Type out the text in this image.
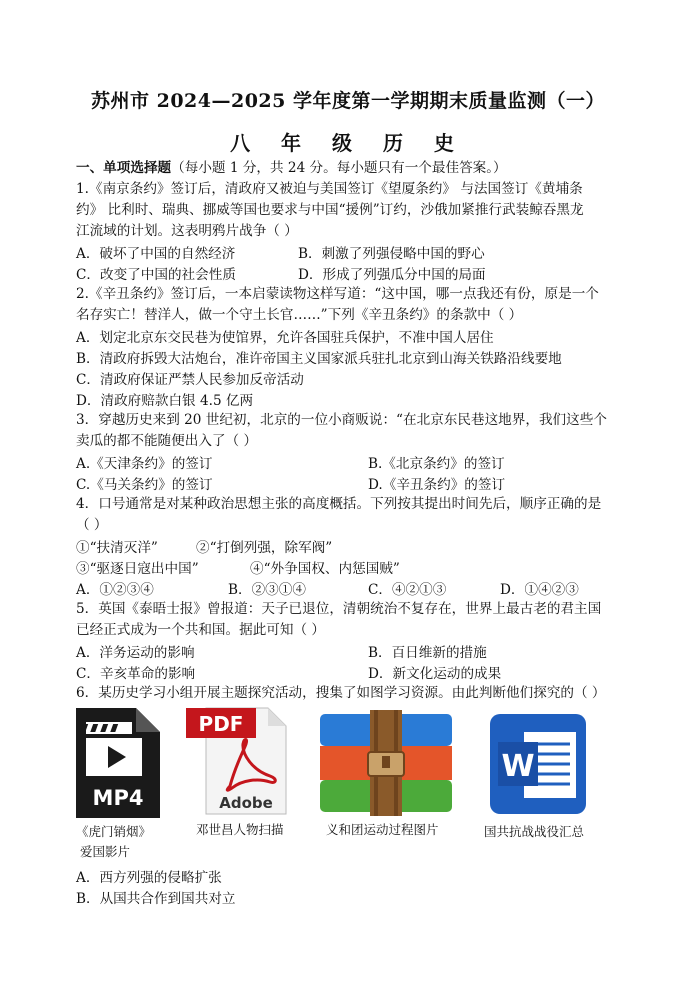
苏州市 2024—2025 学年度第一学期期末质量监测（一）
八 年 级 历 史
一、单项选择题（每小题 1 分，共 24 分。每小题只有一个最佳答案。）
1.《南京条约》签订后，清政府又被迫与美国签订《望厦条约》 与法国签订《黄埔条
约》 比利时、瑞典、挪威等国也要求与中国“援例”订约，沙俄加紧推行武装鲸吞黑龙
江流域的计划。这表明鸦片战争（ ）
A．破坏了中国的自然经济	B．刺激了列强侵略中国的野心
C．改变了中国的社会性质	D．形成了列强瓜分中国的局面
2.《辛丑条约》签订后，一本启蒙读物这样写道：“这中国，哪一点我还有份，原是一个
名存实亡！替洋人，做一个守土长官……”下列《辛丑条约》的条款中（ ）
A．划定北京东交民巷为使馆界，允许各国驻兵保护，不准中国人居住
B．清政府拆毁大沽炮台，准许帝国主义国家派兵驻扎北京到山海关铁路沿线要地
C．清政府保证严禁人民参加反帝活动
D．清政府赔款白银 4.5 亿两
3．穿越历史来到 20 世纪初，北京的一位小商贩说：“在北京东民巷这地界，我们这些个
卖瓜的都不能随便出入了（ ）
A.《天津条约》的签订	B.《北京条约》的签订
C.《马关条约》的签订	D.《辛丑条约》的签订
4．口号通常是对某种政治思想主张的高度概括。下列按其提出时间先后，顺序正确的是
（ ）
①“扶清灭洋”	②“打倒列强，除军阀”
③“驱逐日寇出中国”	④“外争国权、内惩国贼”
A．①②③④	B．②③①④	C．④②①③	D．①④②③
5．英国《泰晤士报》曾报道：天子已退位，清朝统治不复存在，世界上最古老的君主国
已经正式成为一个共和国。据此可知（ ）
A．洋务运动的影响	B．百日维新的措施
C．辛亥革命的影响	D．新文化运动的成果
6．某历史学习小组开展主题探究活动，搜集了如图学习资源。由此判断他们探究的（ ）
MP4
PDF
Adobe
W
《虎门销烟》
爱国影片
邓世昌人物扫描	义和团运动过程图片	国共抗战战役汇总
A．西方列强的侵略扩张
B．从国共合作到国共对立
